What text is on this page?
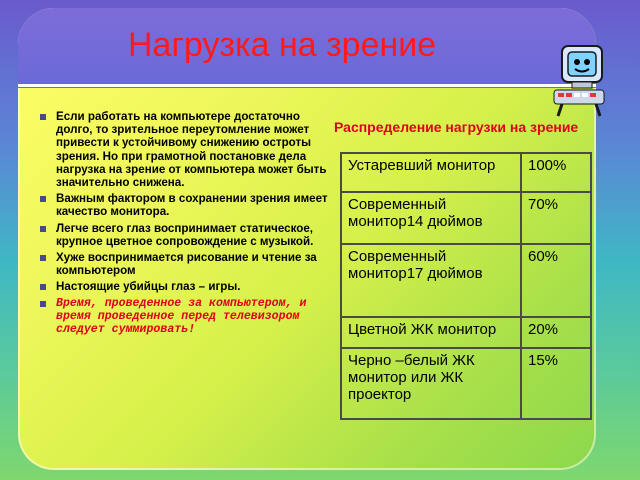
Нагрузка на зрение
Если работать на компьютере достаточно долго, то зрительное переутомление может привести к устойчивому снижению остроты зрения. Но при грамотной постановке дела нагрузка на зрение от компьютера может быть значительно снижена.
Важным фактором в сохранении зрения имеет качество монитора.
Легче всего глаз воспринимает статическое, крупное цветное сопровождение с музыкой.
Хуже воспринимается рисование и чтение за компьютером
Настоящие убийцы глаз – игры.
Время, проведенное за компьютером, и время проведенное перед телевизором следует суммировать!
Распределение нагрузки на зрение
Устаревший монитор	100%
Современный монитор14 дюймов	70%
Современный монитор17 дюймов	60%
Цветной ЖК монитор	20%
Черно –белый ЖК монитор или ЖК проектор	15%
